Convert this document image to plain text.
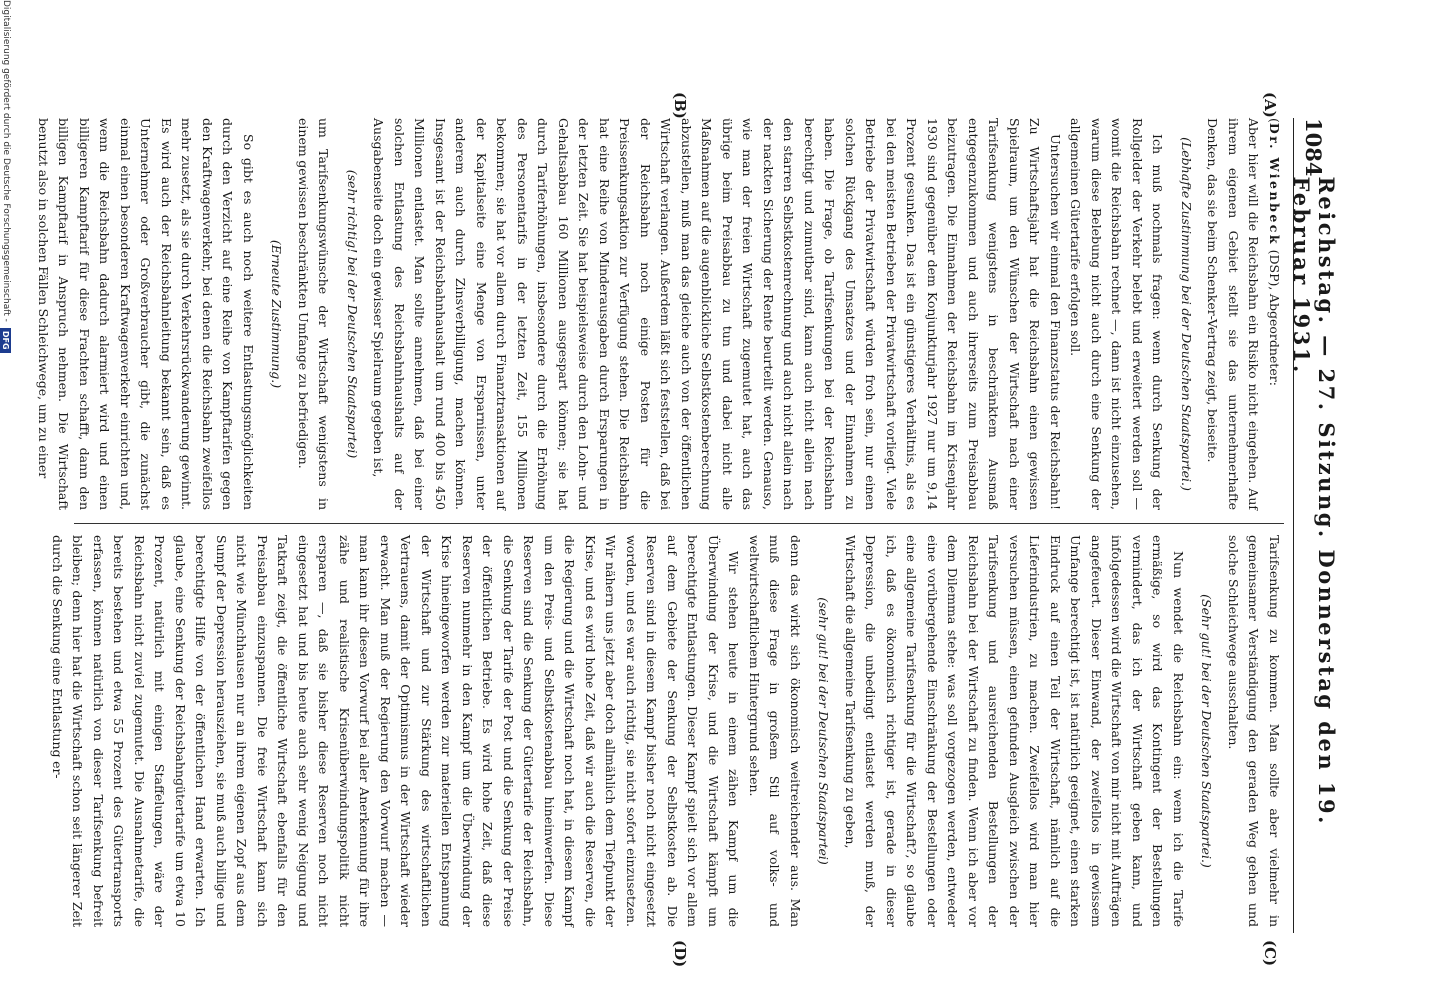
1084
Reichstag. — 27. Sitzung. Donnerstag den 19. Februar 1931.
(A)
(B)
(C)
(D)

(Dr. Wienbeck (DSP), Abgeordneter:

Aber hier will die Reichsbahn ein Risiko nicht eingehen. Auf ihrem eigenen Gebiet stellt sie das unternehmerhafte Denken, das sie beim Schenker-Vertrag zeigt, beiseite.

(Lebhafte Zustimmung bei der Deutschen Staatspartei.)

Ich muß nochmals fragen: wenn durch Senkung der Rollgelder der Verkehr belebt und erweitert werden soll — womit die Reichsbahn rechnet —, dann ist nicht einzusehen, warum diese Belebung nicht auch durch eine Senkung der allgemeinen Gütertarife erfolgen soll.

Untersuchen wir einmal den Finanzstatus der Reichsbahn! Zu Wirtschaftsjahr hat die Reichsbahn einen gewissen Spielraum, um den Wünschen der Wirtschaft nach einer Tarifsenkung wenigstens in beschränktem Ausmaß entgegenzukommen und auch ihrerseits zum Preisabbau beizutragen. Die Einnahmen der Reichsbahn im Krisenjahr 1930 sind gegenüber dem Konjunkturjahr 1927 nur um 9,14 Prozent gesunken. Das ist ein günstigeres Verhältnis, als es bei den meisten Betrieben der Privatwirtschaft vorliegt. Viele Betriebe der Privatwirtschaft würden froh sein, nur einen solchen Rückgang des Umsatzes und der Einnahmen zu haben. Die Frage, ob Tarifsenkungen bei der Reichsbahn berechtigt und zumutbar sind, kann auch nicht allein nach den starren Selbstkostenrechnung und auch nicht allein nach der nackten Sicherung der Rente beurteilt werden. Genauso, wie man der freien Wirtschaft zugemutet hat, auch das übrige beim Preisabbau zu tun und dabei nicht alle Maßnahmen auf die augenblickliche Selbstkostenberechnung abzustellen, muß man das gleiche auch von der öffentlichen Wirtschaft verlangen. Außerdem läßt sich feststellen, daß bei der Reichsbahn noch einige Posten für die Preissenkungsaktion zur Verfügung stehen. Die Reichsbahn hat eine Reihe von Minderausgaben durch Ersparungen in der letzten Zeit. Sie hat beispielsweise durch den Lohn- und Gehaltsabbau 160 Millionen ausgespart können; sie hat durch Tariferhöhungen, insbesondere durch die Erhöhung des Personentarifs in der letzten Zeit, 155 Millionen bekommen; sie hat vor allem durch Finanztransaktionen auf der Kapitalseite eine Menge von Ersparnissen, unter anderem auch durch Zinsverbilligung, machen können. Insgesamt ist der Reichsbahnhaushalt um rund 400 bis 450 Millionen entlastet. Man sollte annehmen, daß bei einer solchen Entlastung des Reichsbahnhaushalts auf der Ausgabenseite doch ein gewisser Spielraum gegeben ist,

(sehr richtig! bei der Deutschen Staatspartei)

um Tarifsenkungswünsche der Wirtschaft wenigstens in einem gewissen beschränkten Umfange zu befriedigen.

(Erneute Zustimmung.)

So gibt es auch noch weitere Entlastungsmöglichkeiten durch den Verzicht auf eine Reihe von Kampftarifen gegen den Kraftwagenverkehr, bei denen die Reichsbahn zweifellos mehr zusetzt, als sie durch Verkehrsrückwanderung gewinnt. Es wird auch der Reichsbahnleitung bekannt sein, daß es Unternehmer oder Großverbraucher gibt, die zunächst einmal einen besonderen Kraftwagenverkehr einrichten und, wenn die Reichsbahn dadurch alarmiert wird und einen billigeren Kampftarif für diese Frachten schafft, dann den billigen Kampftarif in Anspruch nehmen. Die Wirtschaft benutzt also in solchen Fällen Schleichwege, um zu einer

Tarifsenkung zu kommen. Man sollte aber vielmehr in gemeinsamer Verständigung den geraden Weg gehen und solche Schleichwege ausschalten.

(Sehr gut! bei der Deutschen Staatspartei.)

Nun wendet die Reichsbahn ein: wenn ich die Tarife ermäßige, so wird das Kontingent der Bestellungen vermindert, das ich der Wirtschaft geben kann, und infolgedessen wird die Wirtschaft von mir nicht mit Aufträgen angefeuert. Dieser Einwand, der zweifellos in gewissem Umfange berechtigt ist, ist natürlich geeignet, einen starken Eindruck auf einen Teil der Wirtschaft, nämlich auf die Lieferindustrien, zu machen. Zweifellos wird man hier versuchen müssen, einen gefunden Ausgleich zwischen der Tarifsenkung und ausreichenden Bestellungen der Reichsbahn bei der Wirtschaft zu finden. Wenn ich aber vor dem Dilemma stehe: was soll vorgezogen werden, entweder eine vorübergehende Einschränkung der Bestellungen oder eine allgemeine Tarifsenkung für die Wirtschaft?, so glaube ich, daß es ökonomisch richtiger ist, gerade in dieser Depression, die unbedingt entlastet werden muß, der Wirtschaft die allgemeine Tarifsenkung zu geben,

(sehr gut! bei der Deutschen Staatspartei)

denn das wirkt sich ökonomisch weitreichender aus. Man muß diese Frage in großem Stil auf volks- und weltwirtschaftlichem Hintergrund sehen.

Wir stehen heute in einem zähen Kampf um die Überwindung der Krise, und die Wirtschaft kämpft um berechtigte Entlastungen. Dieser Kampf spielt sich vor allem auf dem Gebiete der Senkung der Selbstkosten ab. Die Reserven sind in diesem Kampf bisher noch nicht eingesetzt worden, und es war auch richtig, sie nicht sofort einzusetzen. Wir nähern uns jetzt aber doch allmählich dem Tiefpunkt der Krise, und es wird hohe Zeit, daß wir auch die Reserven, die die Regierung und die Wirtschaft noch hat, in diesem Kampf um den Preis- und Selbstkostenabbau hineinwerfen. Diese Reserven sind die Senkung der Gütertarife der Reichsbahn, die Senkung der Tarife der Post und die Senkung der Preise der öffentlichen Betriebe. Es wird hohe Zeit, daß diese Reserven nunmehr in den Kampf um die Überwindung der Krise hineingeworfen werden zur materiellen Entspannung der Wirtschaft und zur Stärkung des wirtschaftlichen Vertrauens, damit der Optimismus in der Wirtschaft wieder erwacht. Man muß der Regierung den Vorwurf machen — man kann ihr diesen Vorwurf bei aller Anerkennung für ihre zähe und realistische Krisenüberwindungspolitik nicht ersparen —, daß sie bisher diese Reserven noch nicht eingesetzt hat und bis heute auch sehr wenig Neigung und Tatkraft zeigt, die öffentliche Wirtschaft ebenfalls für den Preisabbau einzuspannen. Die freie Wirtschaft kann sich nicht wie Münchhausen nur an ihrem eigenen Zopf aus dem Sumpf der Depression herausziehen, sie muß auch billige und berechtigte Hilfe von der öffentlichen Hand erwarten. Ich glaube, eine Senkung der Reichsbahngütertarife um etwa 10 Prozent, natürlich mit einigen Staffelungen, wäre der Reichsbahn nicht zuviel zugemutet. Die Ausnahmetarife, die bereits bestehen und etwa 55 Prozent des Gütertransports erfassen, können natürlich von dieser Tarifsenkung befreit bleiben; denn hier hat die Wirtschaft schon seit längerer Zeit durch die Senkung eine Entlastung er-

Digitalisierung gefördert durch die Deutsche Forschungsgemeinschaft -
DFG
